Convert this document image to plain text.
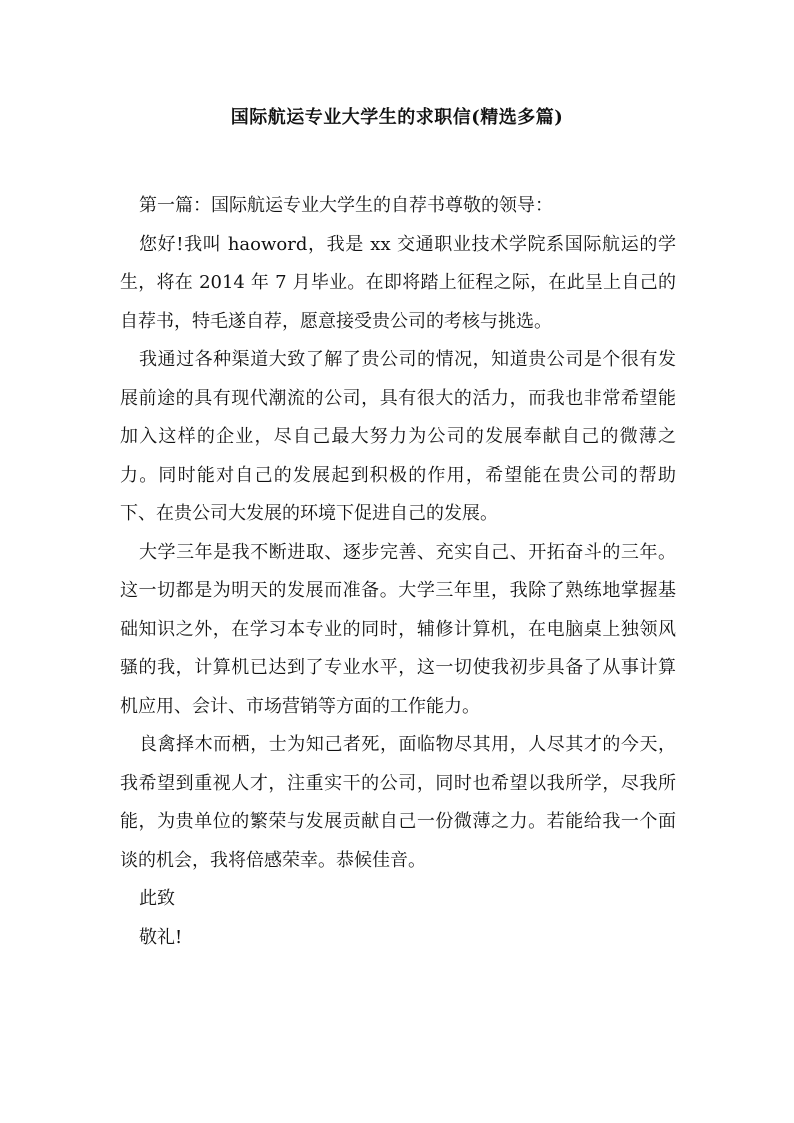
国际航运专业大学生的求职信(精选多篇)

第一篇：国际航运专业大学生的自荐书尊敬的领导：

您好!我叫 haoword，我是 xx 交通职业技术学院系国际航运的学生，将在 2014 年 7 月毕业。在即将踏上征程之际，在此呈上自己的自荐书，特毛遂自荐，愿意接受贵公司的考核与挑选。

我通过各种渠道大致了解了贵公司的情况，知道贵公司是个很有发展前途的具有现代潮流的公司，具有很大的活力，而我也非常希望能加入这样的企业，尽自己最大努力为公司的发展奉献自己的微薄之力。同时能对自己的发展起到积极的作用，希望能在贵公司的帮助下、在贵公司大发展的环境下促进自己的发展。

大学三年是我不断进取、逐步完善、充实自己、开拓奋斗的三年。这一切都是为明天的发展而准备。大学三年里，我除了熟练地掌握基础知识之外，在学习本专业的同时，辅修计算机，在电脑桌上独领风骚的我，计算机已达到了专业水平，这一切使我初步具备了从事计算机应用、会计、市场营销等方面的工作能力。

良禽择木而栖，士为知己者死，面临物尽其用，人尽其才的今天，我希望到重视人才，注重实干的公司，同时也希望以我所学，尽我所能，为贵单位的繁荣与发展贡献自己一份微薄之力。若能给我一个面谈的机会，我将倍感荣幸。恭候佳音。

此致

敬礼!
